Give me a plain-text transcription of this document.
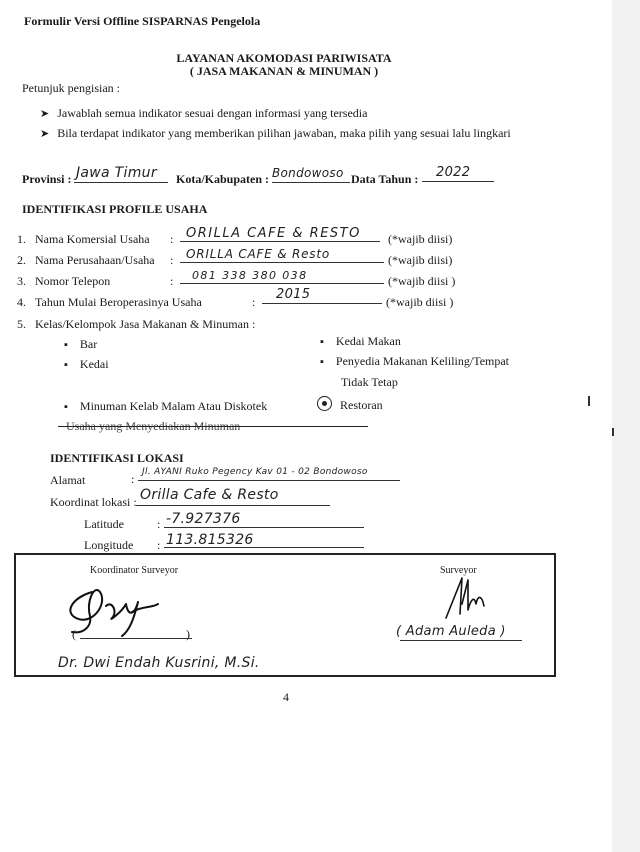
Formulir Versi Offline SISPARNAS Pengelola
LAYANAN AKOMODASI PARIWISATA
( JASA MAKANAN & MINUMAN )
Petunjuk pengisian :
➤ Jawablah semua indikator sesuai dengan informasi yang tersedia
➤ Bila terdapat indikator yang memberikan pilihan jawaban, maka pilih yang sesuai lalu lingkari
Provinsi : Jawa Timur Kota/Kabupaten : Bondowoso Data Tahun : 2022
IDENTIFIKASI PROFILE USAHA
1. Nama Komersial Usaha : ORILLA CAFE & RESTO (*wajib diisi)
2. Nama Perusahaan/Usaha : ORILLA CAFE & Resto	(*wajib diisi)
3. Nomor Telepon	: 081 338 380 038	(*wajib diisi )
4. Tahun Mulai Beroperasinya Usaha	: 2015	(*wajib diisi )
5. Kelas/Kelompok Jasa Makanan & Minuman :
▪ Bar
▪ Kedai
▪ Minuman Kelab Malam Atau Diskotek
▪ Kedai Makan
▪ Penyedia Makanan Keliling/Tempat
Tidak Tetap
Restoran
Usaha yang Menyediakan Minuman
IDENTIFIKASI LOKASI
Alamat	: Jl. AYANI Ruko Pegency Kav 01 - 02 Bondowoso
Koordinat lokasi : Orilla Cafe & Resto
Latitude	: -7.927376
Longitude : 113.815326
Koordinator Surveyor	Surveyor
(	)	( Adam Auleda )
Dr. Dwi Endah Kusrini, M.Si.
4
